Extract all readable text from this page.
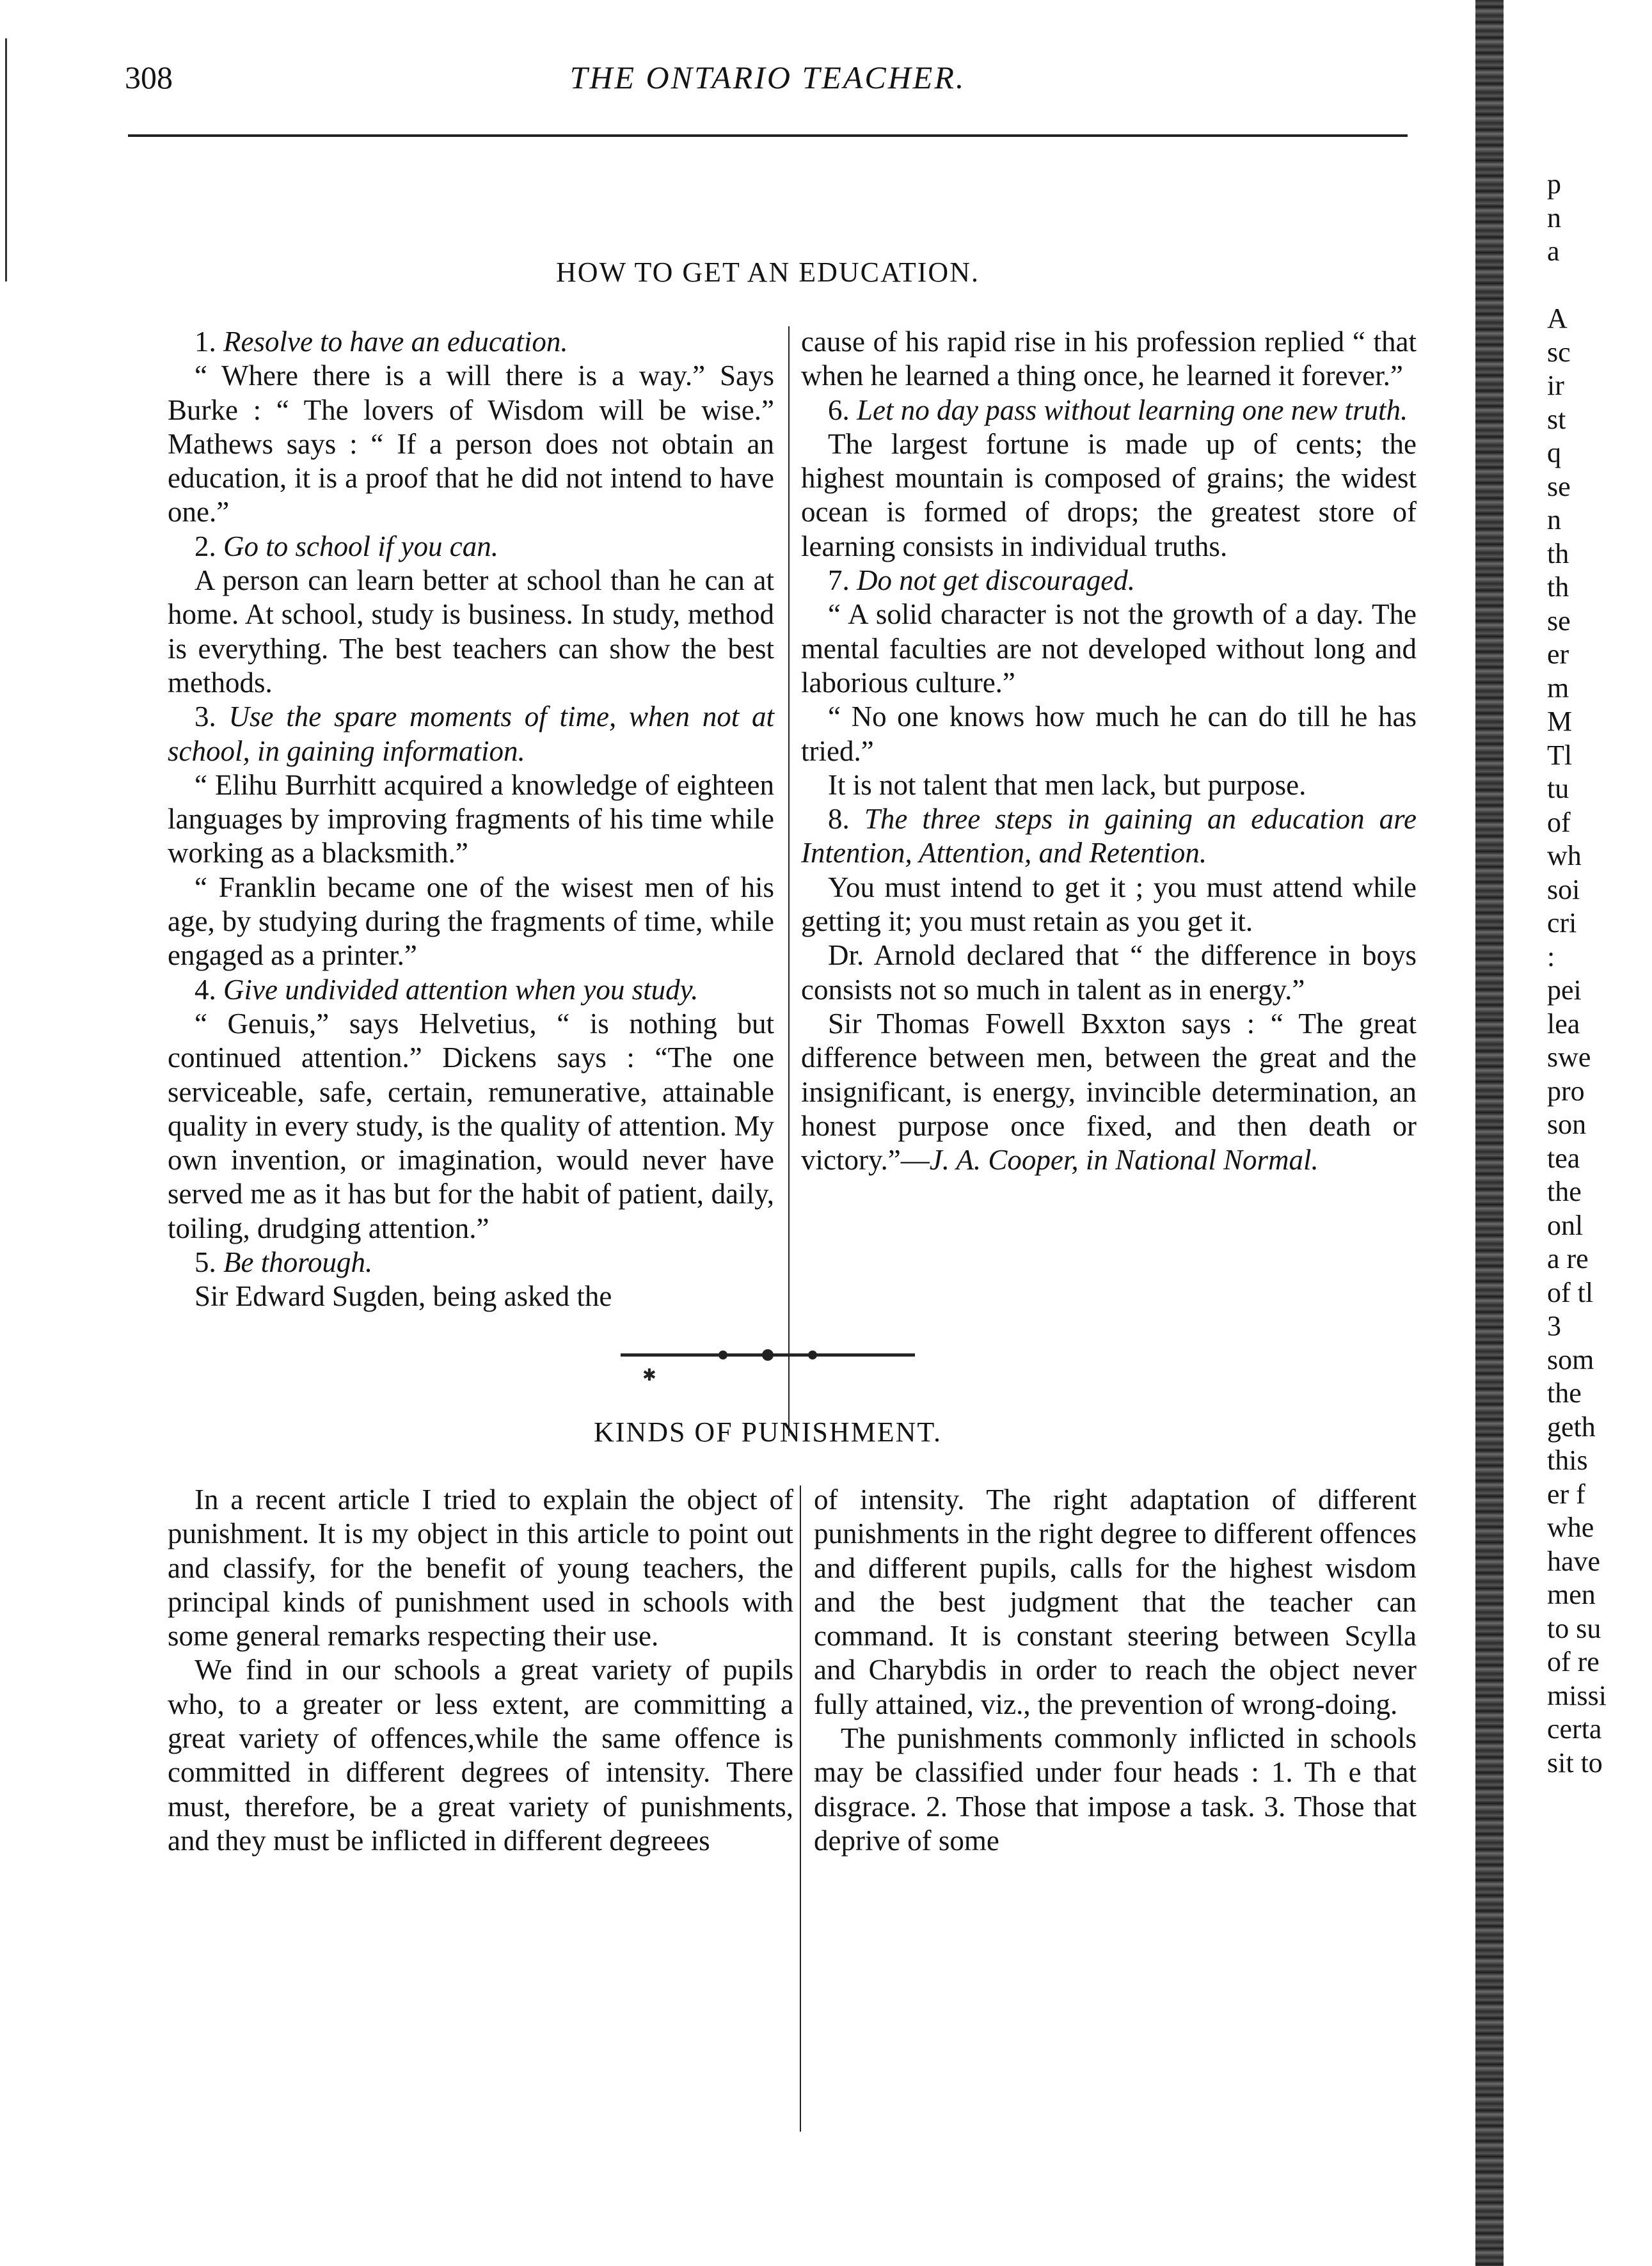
308	THE ONTARIO TEACHER.
HOW TO GET AN EDUCATION.

1. Resolve to have an education.

“ Where there is a will there is a way.” Says Burke : “ The lovers of Wisdom will be wise.” Mathews says : “ If a person does not obtain an education, it is a proof that he did not intend to have one.”

2. Go to school if you can.

A person can learn better at school than he can at home. At school, study is business. In study, method is everything. The best teachers can show the best methods.

3. Use the spare moments of time, when not at school, in gaining information.

“ Elihu Burrhitt acquired a knowledge of eighteen languages by improving fragments of his time while working as a blacksmith.”

“ Franklin became one of the wisest men of his age, by studying during the fragments of time, while engaged as a printer.”

4. Give undivided attention when you study.

“ Genuis,” says Helvetius, “ is nothing but continued attention.” Dickens says : “The one serviceable, safe, certain, remunerative, attainable quality in every study, is the quality of attention. My own invention, or imagination, would never have served me as it has but for the habit of patient, daily, toiling, drudging attention.”

5. Be thorough.

Sir Edward Sugden, being asked the

cause of his rapid rise in his profession replied “ that when he learned a thing once, he learned it forever.”

6. Let no day pass without learning one new truth.

The largest fortune is made up of cents; the highest mountain is composed of grains; the widest ocean is formed of drops; the greatest store of learning consists in individual truths.

7. Do not get discouraged.

“ A solid character is not the growth of a day. The mental faculties are not developed without long and laborious culture.”

“ No one knows how much he can do till he has tried.”

It is not talent that men lack, but purpose.

8. The three steps in gaining an education are Intention, Attention, and Retention.

You must intend to get it ; you must attend while getting it; you must retain as you get it.

Dr. Arnold declared that “ the difference in boys consists not so much in talent as in energy.”

Sir Thomas Fowell Bxxton says : “ The great difference between men, between the great and the insignificant, is energy, invincible determination, an honest purpose once fixed, and then death or victory.”—J. A. Cooper, in National Normal.

✱
KINDS OF PUNISHMENT.

In a recent article I tried to explain the object of punishment. It is my object in this article to point out and classify, for the benefit of young teachers, the principal kinds of punishment used in schools with some general remarks respecting their use.

We find in our schools a great variety of pupils who, to a greater or less extent, are committing a great variety of offences,while the same offence is committed in different degrees of intensity. There must, therefore, be a great variety of punishments, and they must be inflicted in different degreees

of intensity. The right adaptation of different punishments in the right degree to different offences and different pupils, calls for the highest wisdom and the best judgment that the teacher can command. It is constant steering between Scylla and Charybdis in order to reach the object never fully attained, viz., the prevention of wrong-doing.

The punishments commonly inflicted in schools may be classified under four heads : 1. Th e that disgrace. 2. Those that impose a task. 3. Those that deprive of some

p
n
a

A
sc
ir
st
q
se
n
th
th
se
er
m
M
Tl
tu
of
wh
soi
cri
:
pei
lea
swe
pro
son
tea
the
onl
a re
of tl
3
som
the
geth
this
er f
whe
have
men
to su
of re
missi
certa
sit to
